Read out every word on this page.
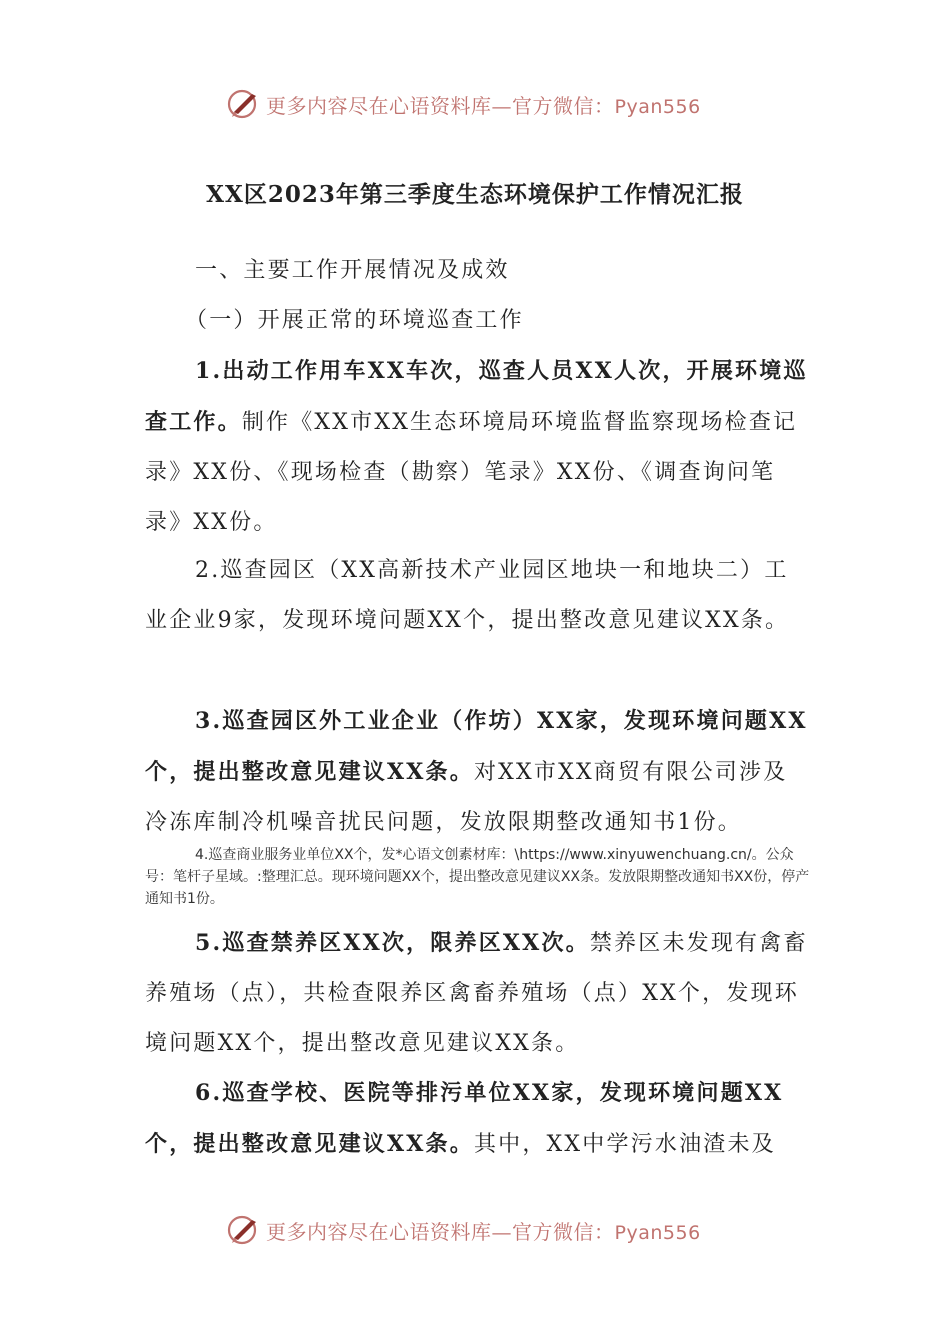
更多内容尽在心语资料库—官方微信：Pyan556
XX区2023年第三季度生态环境保护工作情况汇报
一、主要工作开展情况及成效
（一）开展正常的环境巡查工作
1.出动工作用车XX车次，巡查人员XX人次，开展环境巡查工作。制作《XX市XX生态环境局环境监督监察现场检查记录》XX份、《现场检查（勘察）笔录》XX份、《调查询问笔录》XX份。
2.巡查园区（XX高新技术产业园区地块一和地块二）工业企业9家，发现环境问题XX个，提出整改意见建议XX条。
3.巡查园区外工业企业（作坊）XX家，发现环境问题XX个，提出整改意见建议XX条。对XX市XX商贸有限公司涉及冷冻库制冷机噪音扰民问题，发放限期整改通知书1份。
4.巡查商业服务业单位XX个，发*心语文创素材库：\https://www.xinyuwenchuang.cn/。公众号：笔杆子星域。:整理汇总。现环境问题XX个，提出整改意见建议XX条。发放限期整改通知书XX份，停产通知书1份。
5.巡查禁养区XX次，限养区XX次。禁养区未发现有禽畜养殖场（点），共检查限养区禽畜养殖场（点）XX个，发现环境问题XX个，提出整改意见建议XX条。
6.巡查学校、医院等排污单位XX家，发现环境问题XX个，提出整改意见建议XX条。其中，XX中学污水油渣未及
更多内容尽在心语资料库—官方微信：Pyan556
